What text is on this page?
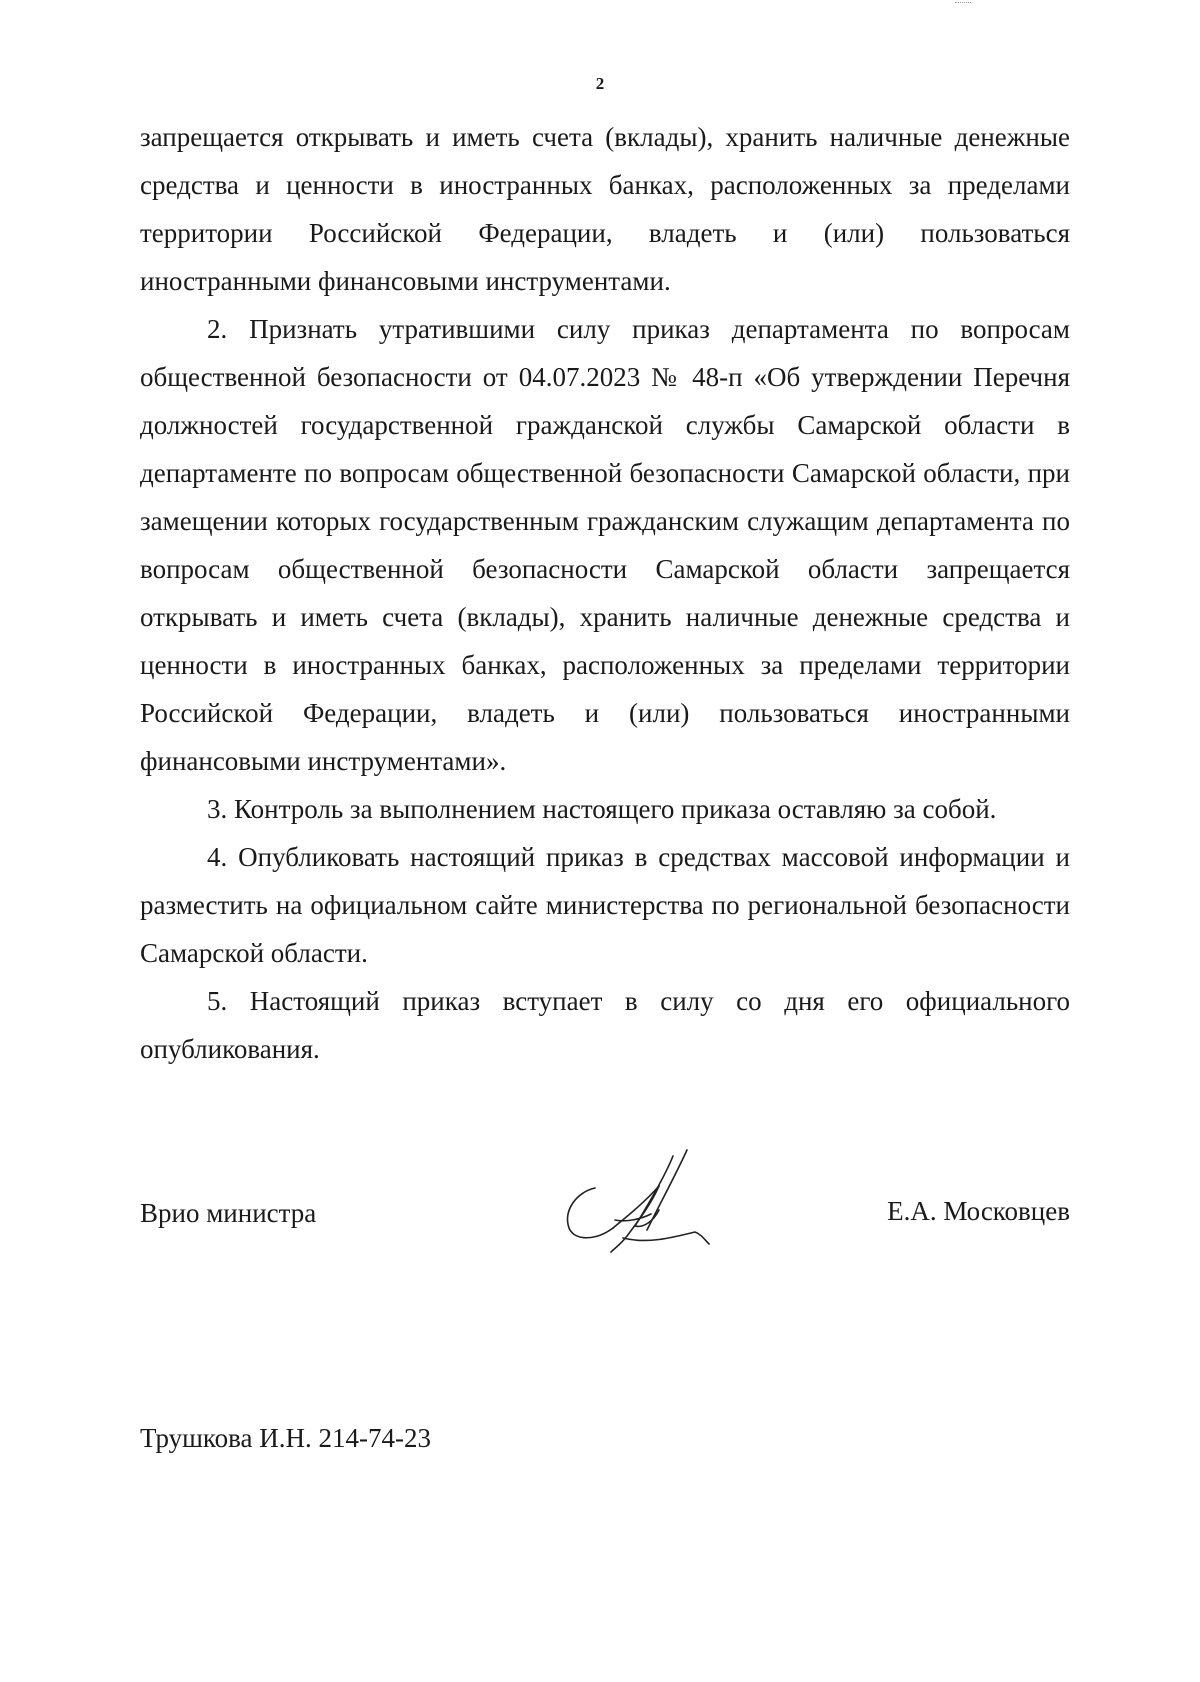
2

запрещается открывать и иметь счета (вклады), хранить наличные денежные средства и ценности в иностранных банках, расположенных за пределами территории Российской Федерации, владеть и (или) пользоваться иностранными финансовыми инструментами.

2. Признать утратившими силу приказ департамента по вопросам общественной безопасности от 04.07.2023 № 48-п «Об утверждении Перечня должностей государственной гражданской службы Самарской области в департаменте по вопросам общественной безопасности Самарской области, при замещении которых государственным гражданским служащим департамента по вопросам общественной безопасности Самарской области запрещается открывать и иметь счета (вклады), хранить наличные денежные средства и ценности в иностранных банках, расположенных за пределами территории Российской Федерации, владеть и (или) пользоваться иностранными финансовыми инструментами».

3. Контроль за выполнением настоящего приказа оставляю за собой.

4. Опубликовать настоящий приказ в средствах массовой информации и разместить на официальном сайте министерства по региональной безопасности Самарской области.

5. Настоящий приказ вступает в силу со дня его официального опубликования.

Врио министра	Е.А. Московцев
Трушкова И.Н. 214-74-23
